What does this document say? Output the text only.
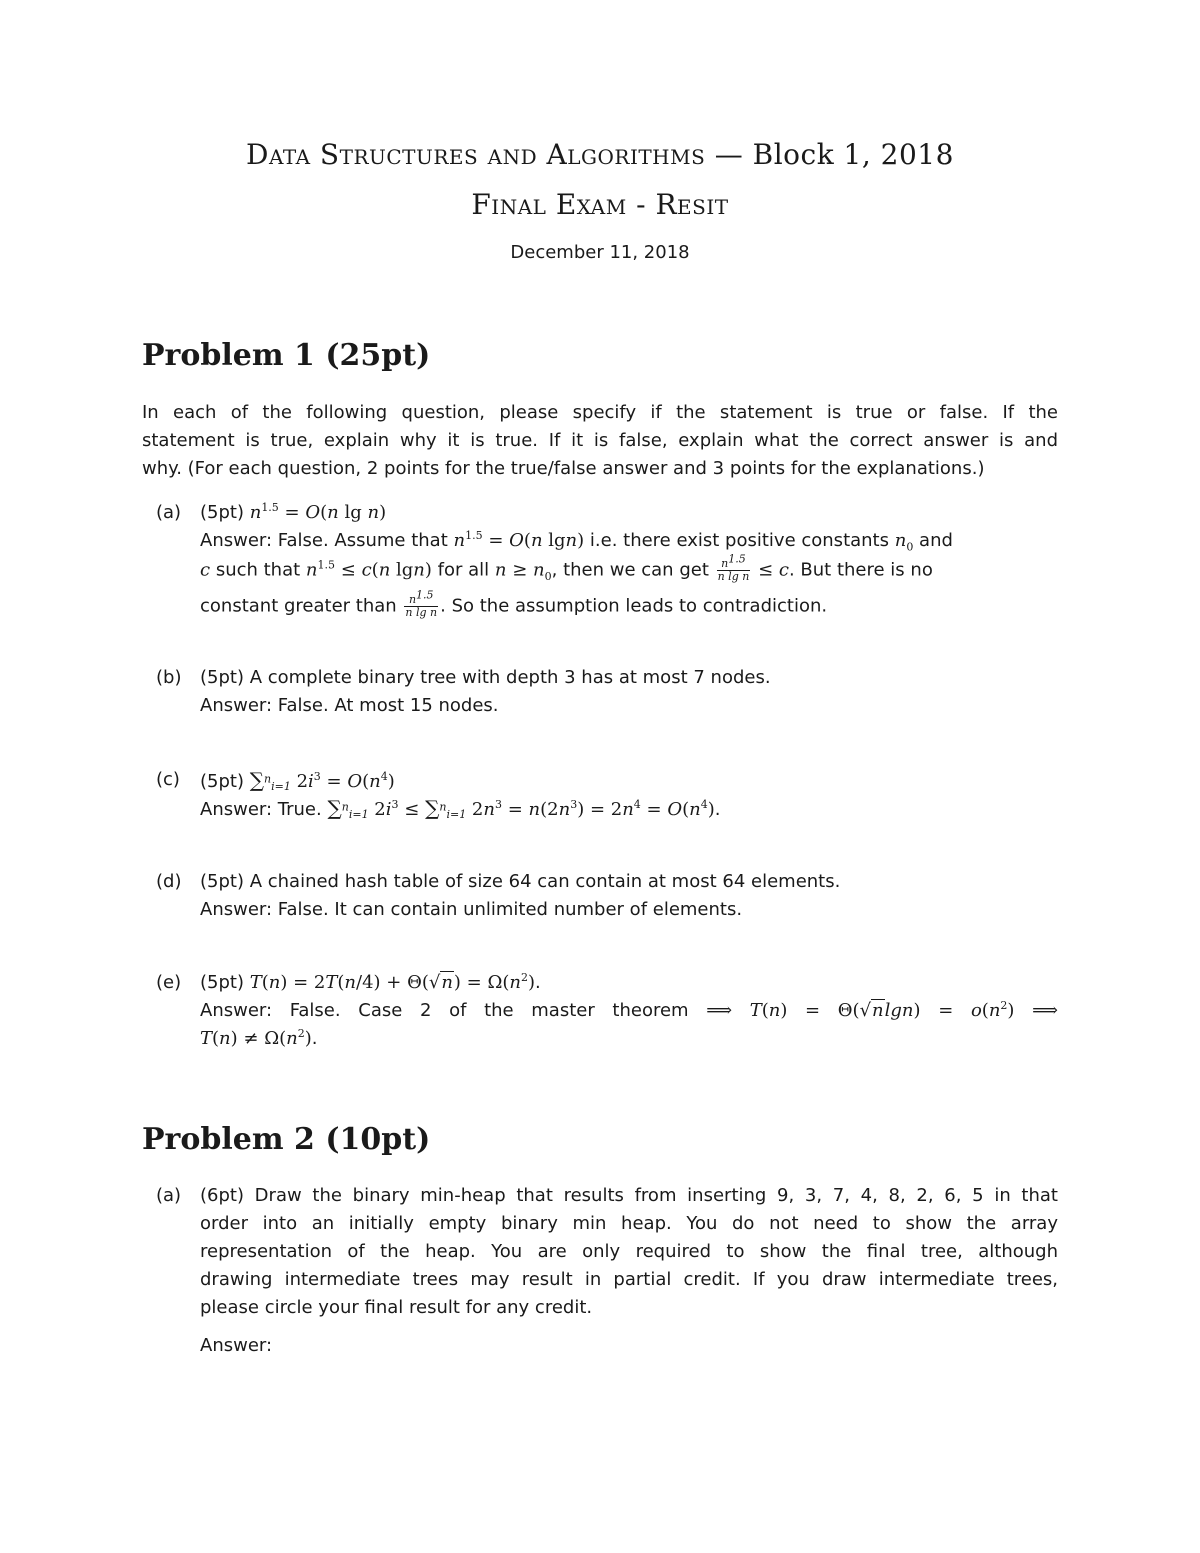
Data Structures and Algorithms — Block 1, 2018
Final Exam - Resit
December 11, 2018
Problem 1 (25pt)
In each of the following question, please specify if the statement is true or false. If the
statement is true, explain why it is true. If it is false, explain what the correct answer is and
why. (For each question, 2 points for the true/false answer and 3 points for the explanations.)
(a) (5pt) $n^{1.5} = O(n$ lg n)
Answer: False. Assume that $n^{1.5} = O(n$ lgn) i.e. there exist positive constants $n_0$ and
c such that $n^{1.5} \le c(n$ lgn) for all $n \ge n_0$, then we can get $\frac{n^{1.5}}{\text{n lg n}} \le c$. But there is no
constant greater than $\frac{n^{1.5}}{\text{n lg n}}$ . So the assumption leads to contradiction.
(b) (5pt) A complete binary tree with depth 3 has at most 7 nodes.
Answer: False. At most 15 nodes.
(c) (5pt) ∑$^n_{i=1}$ $2i^3 = O(n^4)$
Answer: True. ∑$^n_{i=1}$ $2i^3 \le \sum^n_{i=1}$ $2n^3 = n(2n^3) = 2n^4 = O(n^4)$.
(d) (5pt) A chained hash table of size 64 can contain at most 64 elements.
Answer: False. It can contain unlimited number of elements.
(e) (5pt) $T(n) = 2T(n/4) + \Theta(√n) = \Omega(n^2)$.
Answer: False. Case 2 of the master theorem ⟹ $T(n) = \Theta(√nlgn) = o(n^2)$ ⟹
$T(n) \ne \Omega(n^2)$.
Problem 2 (10pt)
(a) (6pt) Draw the binary min-heap that results from inserting 9, 3, 7, 4, 8, 2, 6, 5 in that
order into an initially empty binary min heap. You do not need to show the array
representation of the heap. You are only required to show the final tree, although
drawing intermediate trees may result in partial credit. If you draw intermediate trees,
please circle your final result for any credit.
Answer:
